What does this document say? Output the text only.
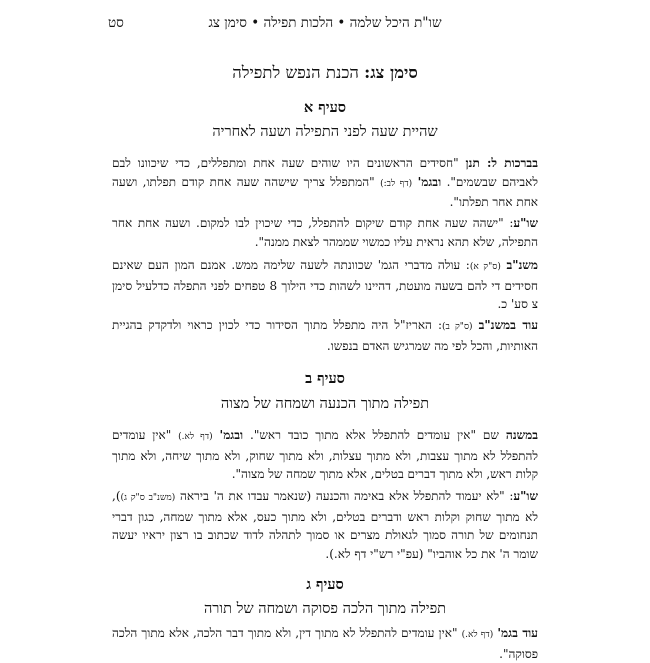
שו"ת היכל שלמה • הלכות תפילה • סימן צג
סט
סימן צג: הכנת הנפש לתפילה
סעיף א
שהיית שעה לפני התפילה ושעה לאחריה
בברכות ל: תנן "חסידים הראשונים היו שוהים שעה אחת ומתפללים, כדי שיכוונו לבם לאביהם שבשמים". ובגמ' (דף לב:) "המתפלל צריך שישהה שעה אחת קודם תפלתו, ושעה אחת אחר תפלתו".
שו"ע: "ישהה שעה אחת קודם שיקום להתפלל, כדי שיכוין לבו למקום. ושעה אחת אחר התפילה, שלא תהא נראית עליו כמשוי שממהר לצאת ממנה".
משנ"ב (ס"ק א): עולה מדברי הגמ' שכוונתה לשעה שלימה ממש. אמנם המון העם שאינם חסידים די להם בשעה מועטת, דהיינו לשהות כדי הילוך 8 טפחים לפני התפלה כדלעיל סימן צ סע' כ.
עוד במשנ"ב (ס"ק ב): האריז"ל היה מתפלל מתוך הסידור כדי לכוין כראוי ולדקדק בהגיית האותיות, והכל לפי מה שמרגיש האדם בנפשו.
סעיף ב
תפילה מתוך הכנעה ושמחה של מצוה
במשנה שם "אין עומדים להתפלל אלא מתוך כובד ראש". ובגמ' (דף לא.) "אין עומדים להתפלל לא מתוך עצבות, ולא מתוך עצלות, ולא מתוך שחוק, ולא מתוך שיחה, ולא מתוך קלות ראש, ולא מתוך דברים בטלים, אלא מתוך שמחה של מצוה".
שו"ע: "לא יעמוד להתפלל אלא באימה והכנעה (שנאמר עבדו את ה' ביראה (משנ"ב ס"ק ג)), לא מתוך שחוק וקלות ראש ודברים בטלים, ולא מתוך כעס, אלא מתוך שמחה, כגון דברי תנחומים של תורה סמוך לגאולת מצרים או סמוך לתהלה לדוד שכתוב בו רצון יראיו יעשה שומר ה' את כל אוהביו" (עפ"י רש"י דף לא.).
סעיף ג
תפילה מתוך הלכה פסוקה ושמחה של תורה
עוד בגמ' (דף לא.) "אין עומדים להתפלל לא מתוך דין, ולא מתוך דבר הלכה, אלא מתוך הלכה פסוקה".
